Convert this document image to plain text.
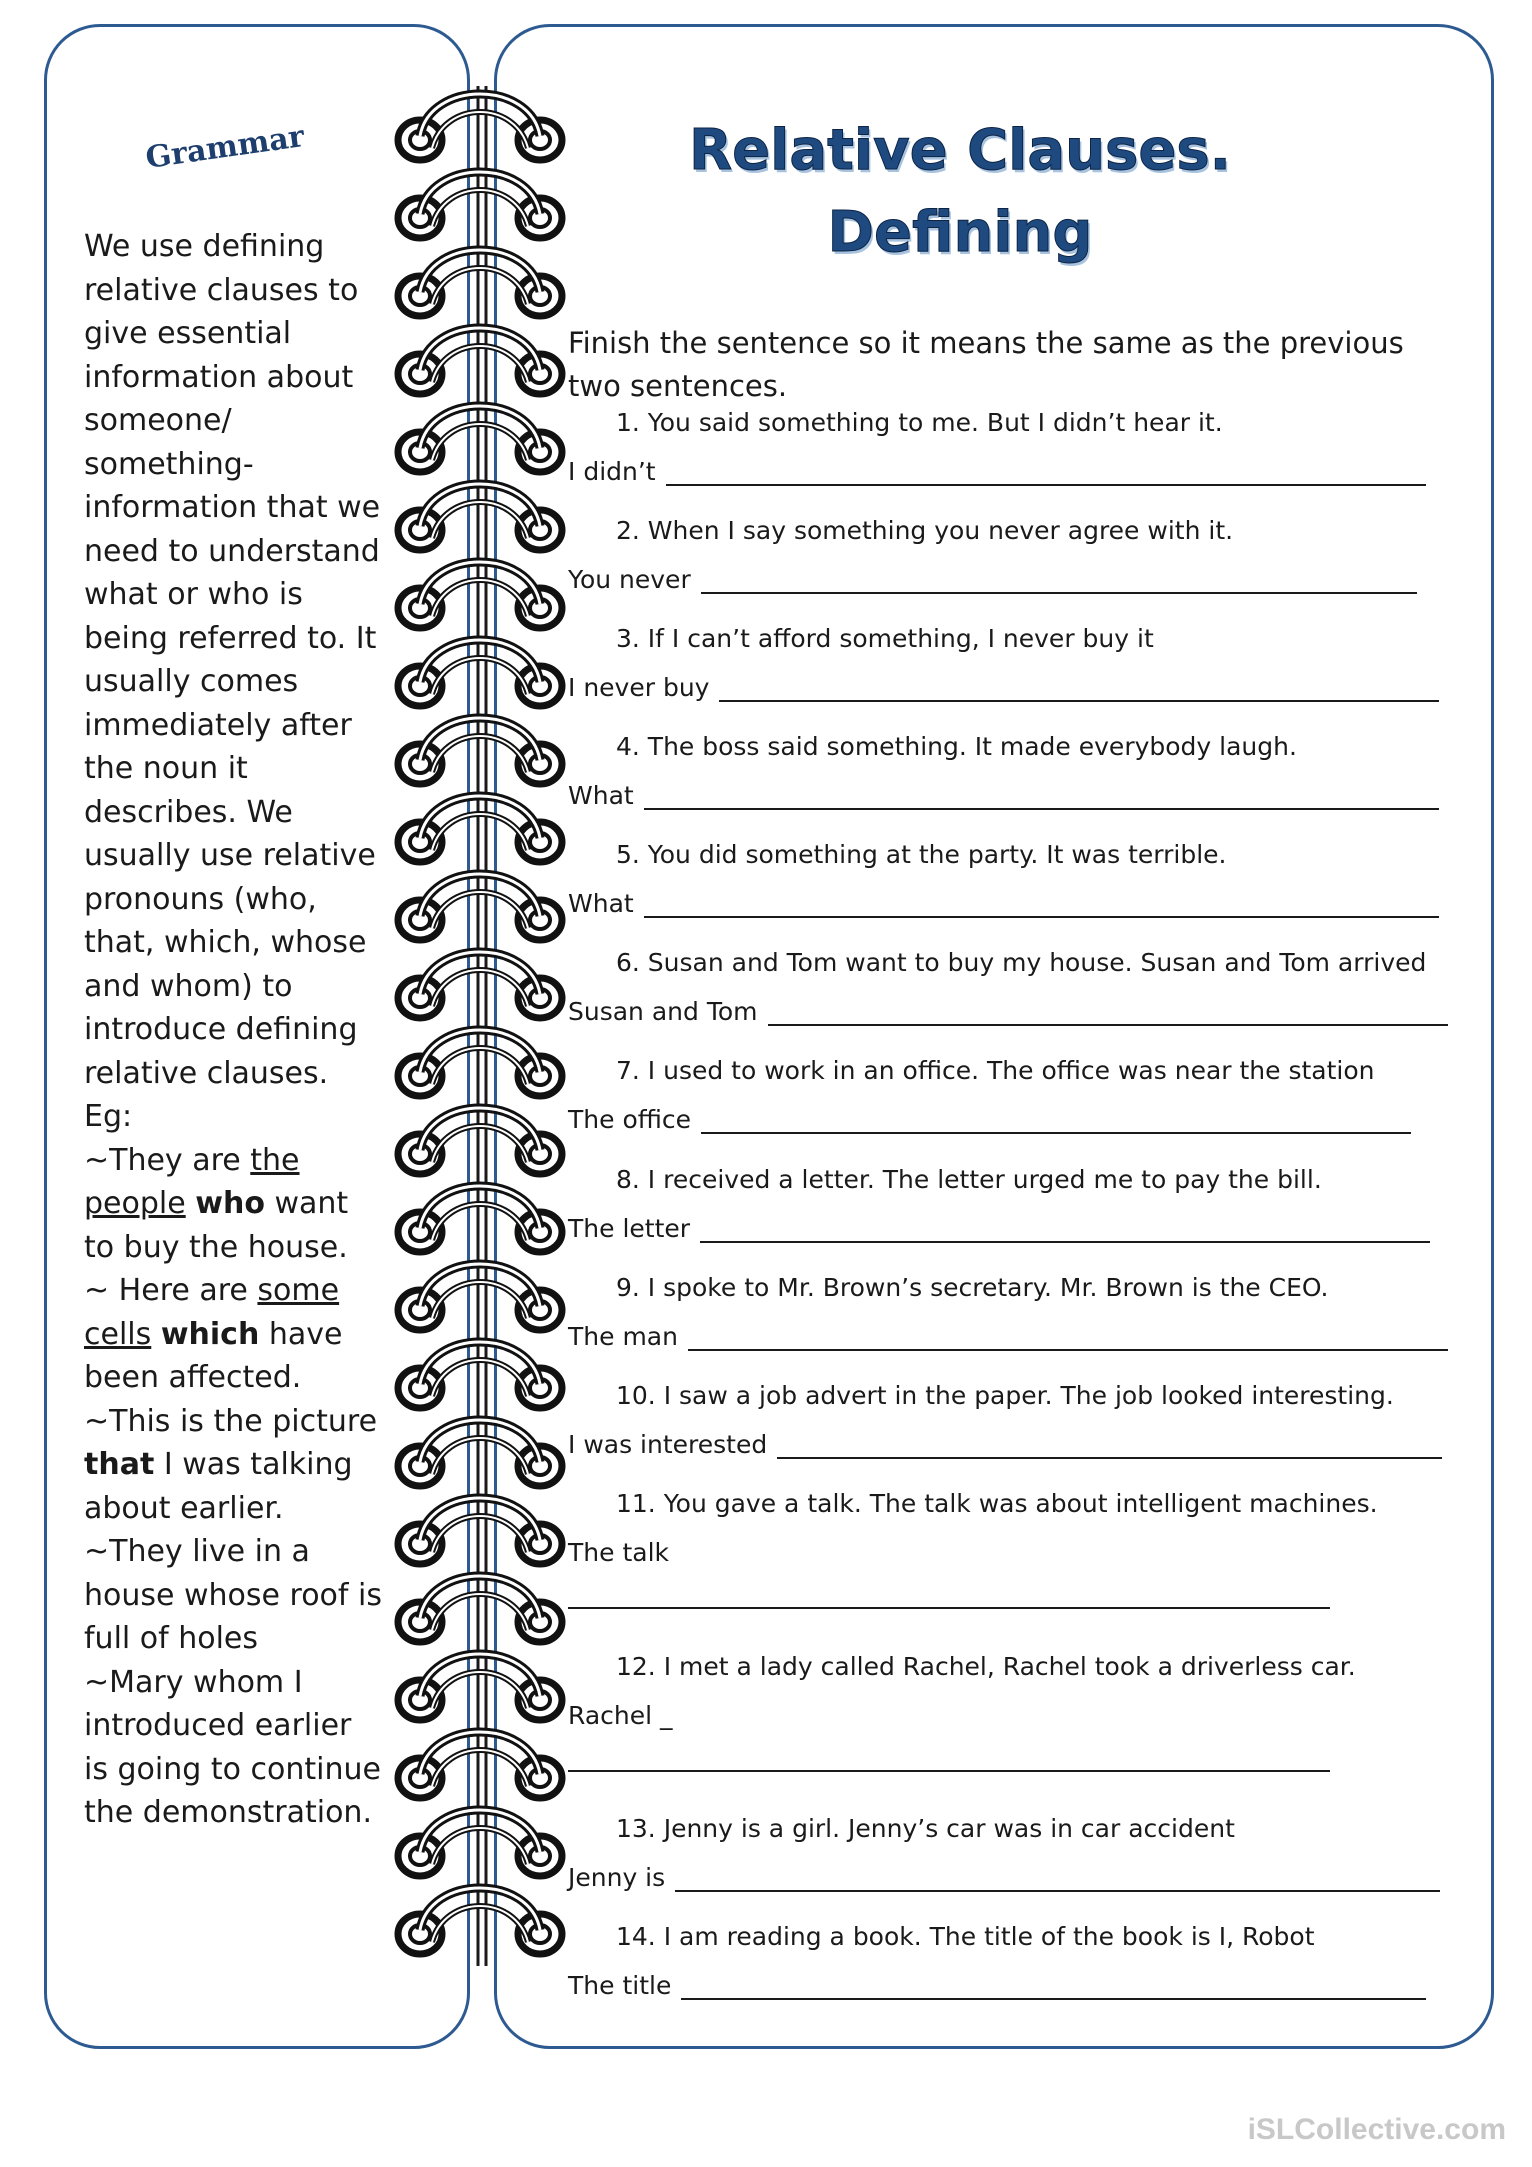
Grammar

We use defining relative clauses to give essential information about someone/ something- information that we need to understand what or who is being referred to. It usually comes immediately after the noun it describes. We usually use relative pronouns (who, that, which, whose and whom) to introduce defining relative clauses.

Eg:

~They are the people who want to buy the house.

~ Here are some cells which have been affected.

~This is the picture that I was talking about earlier.

~They live in a house whose roof is full of holes

~Mary whom I introduced earlier is going to continue the demonstration.

Relative Clauses.
Defining
Finish the sentence so it means the same as the previous two sentences.
1. You said something to me. But I didn’t hear it.
I didn’t
2. When I say something you never agree with it.
You never
3. If I can’t afford something, I never buy it
I never buy
4. The boss said something. It made everybody laugh.
What
5. You did something at the party. It was terrible.
What
6. Susan and Tom want to buy my house. Susan and Tom arrived
Susan and Tom
7. I used to work in an office. The office was near the station
The office
8. I received a letter. The letter urged me to pay the bill.
The letter
9. I spoke to Mr. Brown’s secretary. Mr. Brown is the CEO.
The man
10. I saw a job advert in the paper. The job looked interesting.
I was interested
11. You gave a talk. The talk was about intelligent machines.
The talk
12. I met a lady called Rachel, Rachel took a driverless car.
Rachel _
13. Jenny is a girl. Jenny’s car was in car accident
Jenny is
14. I am reading a book. The title of the book is I, Robot
The title
iSLCollective.com
